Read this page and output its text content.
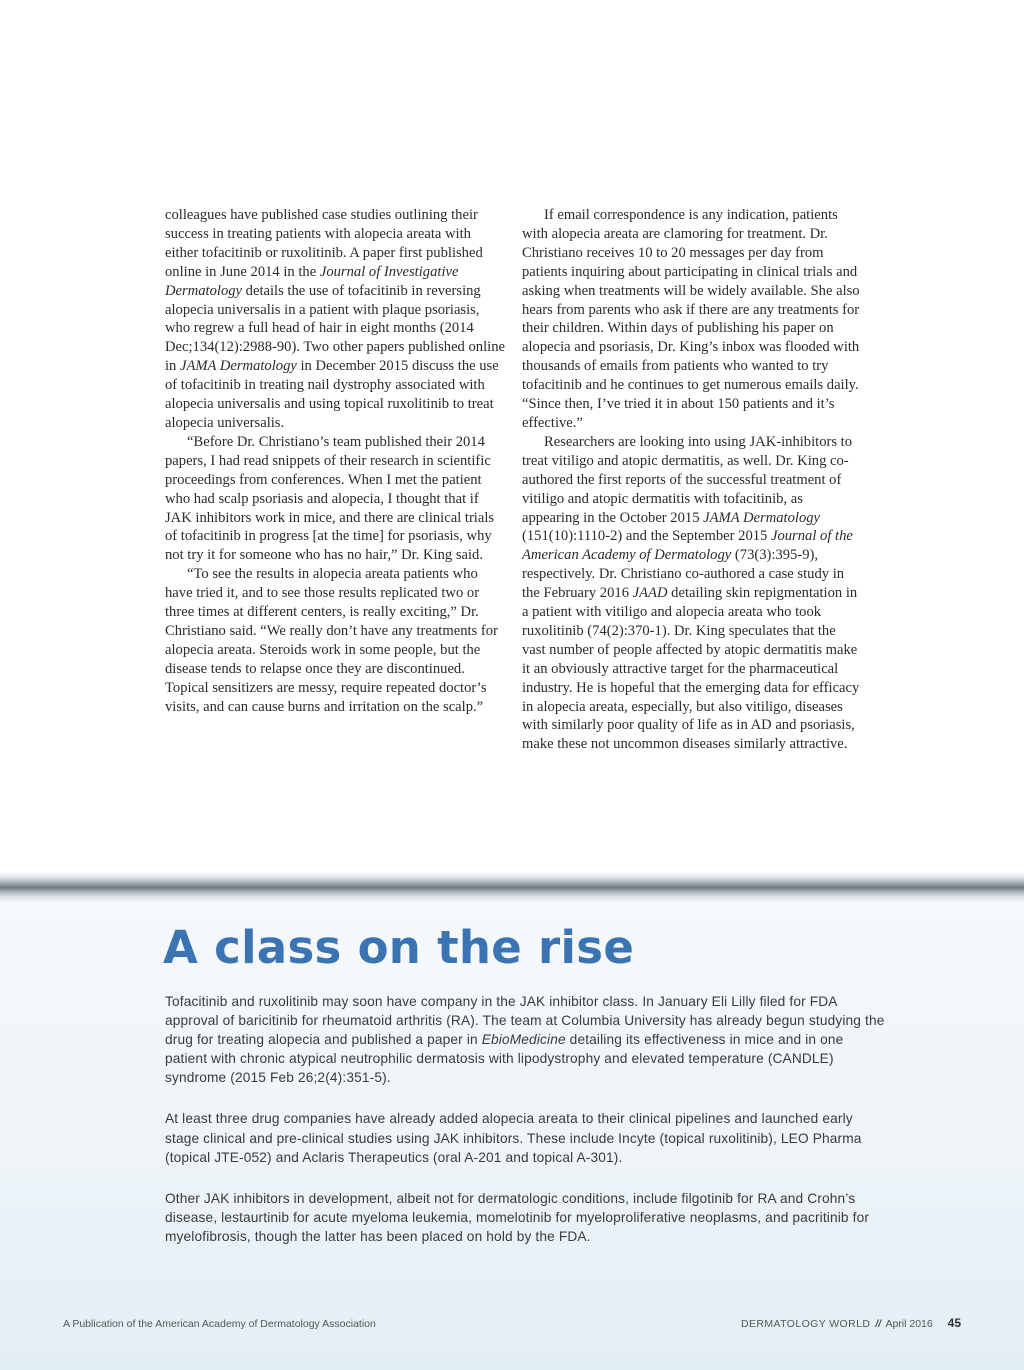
colleagues have published case studies outlining their success in treating patients with alopecia areata with either tofacitinib or ruxolitinib. A paper first published online in June 2014 in the Journal of Investigative Dermatology details the use of tofacitinib in reversing alopecia universalis in a patient with plaque psoriasis, who regrew a full head of hair in eight months (2014 Dec;134(12):2988-90). Two other papers published online in JAMA Dermatology in December 2015 discuss the use of tofacitinib in treating nail dystrophy associated with alopecia universalis and using topical ruxolitinib to treat alopecia universalis.

“Before Dr. Christiano’s team published their 2014 papers, I had read snippets of their research in scientific proceedings from conferences. When I met the patient who had scalp psoriasis and alopecia, I thought that if JAK inhibitors work in mice, and there are clinical trials of tofacitinib in progress [at the time] for psoriasis, why not try it for someone who has no hair,” Dr. King said.

“To see the results in alopecia areata patients who have tried it, and to see those results replicated two or three times at different centers, is really exciting,” Dr. Christiano said. “We really don’t have any treatments for alopecia areata. Steroids work in some people, but the disease tends to relapse once they are discontinued. Topical sensitizers are messy, require repeated doctor’s visits, and can cause burns and irritation on the scalp.”

If email correspondence is any indication, patients with alopecia areata are clamoring for treatment. Dr. Christiano receives 10 to 20 messages per day from patients inquiring about participating in clinical trials and asking when treatments will be widely available. She also hears from parents who ask if there are any treatments for their children. Within days of publishing his paper on alopecia and psoriasis, Dr. King’s inbox was flooded with thousands of emails from patients who wanted to try tofacitinib and he continues to get numerous emails daily. “Since then, I’ve tried it in about 150 patients and it’s effective.”

Researchers are looking into using JAK-inhibitors to treat vitiligo and atopic dermatitis, as well. Dr. King co-authored the first reports of the successful treatment of vitiligo and atopic dermatitis with tofacitinib, as appearing in the October 2015 JAMA Dermatology (151(10):1110-2) and the September 2015 Journal of the American Academy of Dermatology (73(3):395-9), respectively. Dr. Christiano co-authored a case study in the February 2016 JAAD detailing skin repigmentation in a patient with vitiligo and alopecia areata who took ruxolitinib (74(2):370-1). Dr. King speculates that the vast number of people affected by atopic dermatitis make it an obviously attractive target for the pharmaceutical industry. He is hopeful that the emerging data for efficacy in alopecia areata, especially, but also vitiligo, diseases with similarly poor quality of life as in AD and psoriasis, make these not uncommon diseases similarly attractive.

A class on the rise

Tofacitinib and ruxolitinib may soon have company in the JAK inhibitor class. In January Eli Lilly filed for FDA approval of baricitinib for rheumatoid arthritis (RA). The team at Columbia University has already begun studying the drug for treating alopecia and published a paper in EbioMedicine detailing its effectiveness in mice and in one patient with chronic atypical neutrophilic dermatosis with lipodystrophy and elevated temperature (CANDLE) syndrome (2015 Feb 26;2(4):351-5).

At least three drug companies have already added alopecia areata to their clinical pipelines and launched early stage clinical and pre-clinical studies using JAK inhibitors. These include Incyte (topical ruxolitinib), LEO Pharma (topical JTE-052) and Aclaris Therapeutics (oral A-201 and topical A-301).

Other JAK inhibitors in development, albeit not for dermatologic conditions, include filgotinib for RA and Crohn’s disease, lestaurtinib for acute myeloma leukemia, momelotinib for myeloproliferative neoplasms, and pacritinib for myelofibrosis, though the latter has been placed on hold by the FDA.

A Publication of the American Academy of Dermatology Association	DERMATOLOGY WORLD // April 2016 45
